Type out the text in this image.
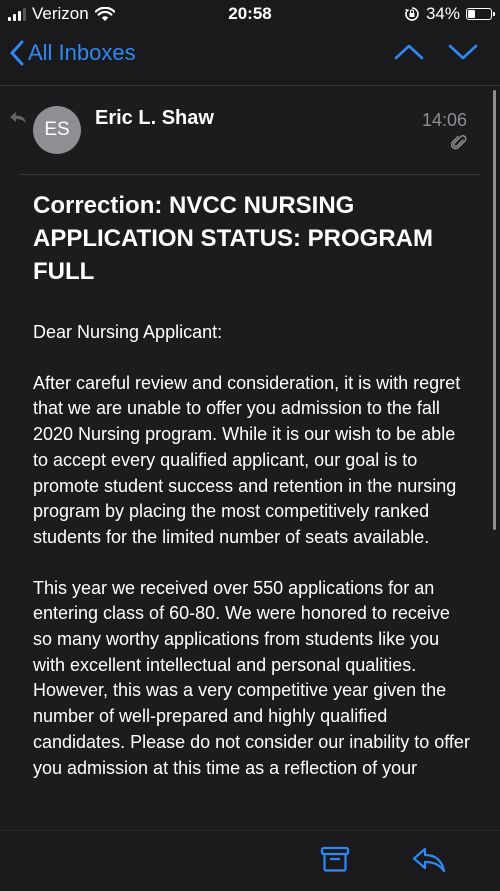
Verizon	20:58	34%
All Inboxes
ES
Eric L. Shaw	14:06
Correction: NVCC NURSING APPLICATION STATUS: PROGRAM FULL

Dear Nursing Applicant:

After careful review and consideration, it is with regret that we are unable to offer you admission to the fall 2020 Nursing program. While it is our wish to be able to accept every qualified applicant, our goal is to promote student success and retention in the nursing program by placing the most competitively ranked students for the limited number of seats available.

This year we received over 550 applications for an entering class of 60-80. We were honored to receive so many worthy applications from students like you with excellent intellectual and personal qualities. However, this was a very competitive year given the number of well-prepared and highly qualified candidates. Please do not consider our inability to offer you admission at this time as a reflection of your
